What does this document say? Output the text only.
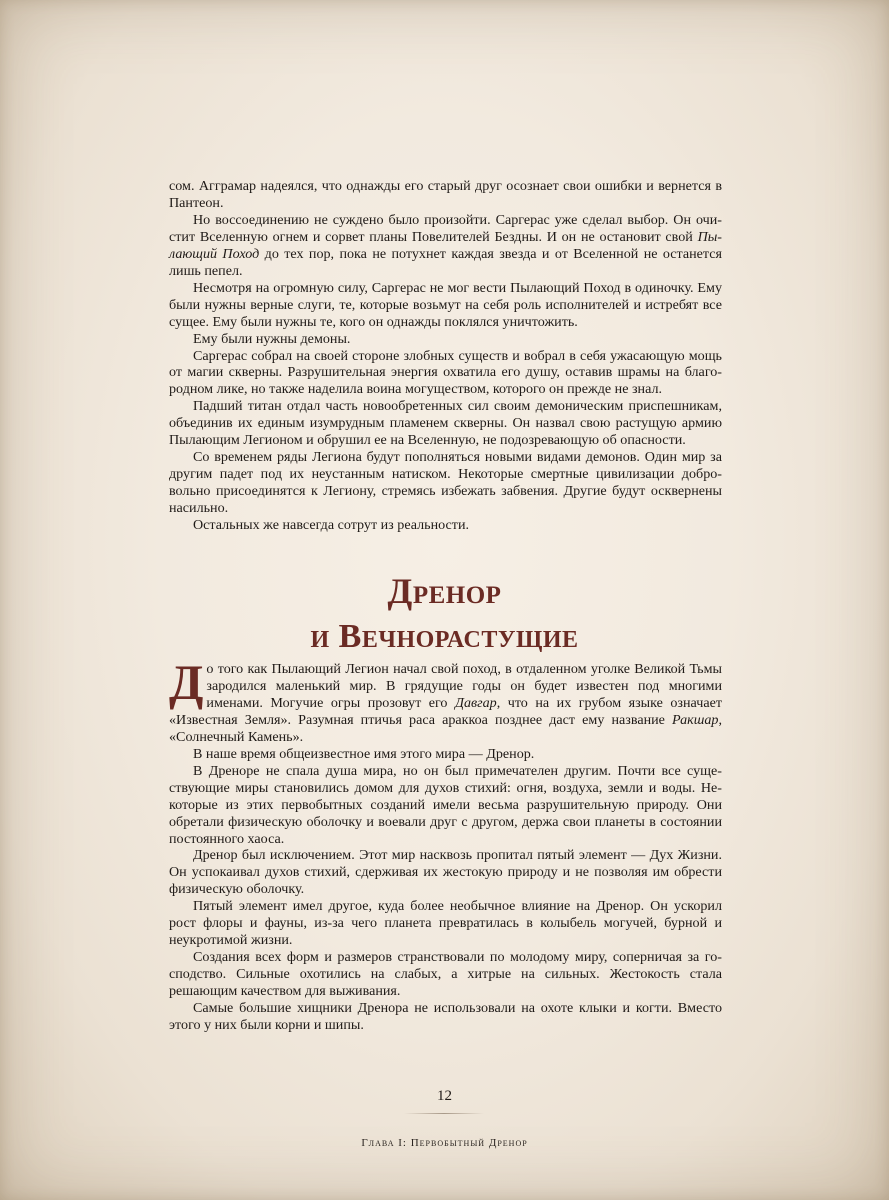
сом. Агграмар надеялся, что однажды его старый друг осознает свои ошибки и вернется в Пантеон.

Но воссоединению не суждено было произойти. Саргерас уже сделал выбор. Он очистит Вселенную огнем и сорвет планы Повелителей Бездны. И он не остановит свой Пылающий Поход до тех пор, пока не потухнет каждая звезда и от Вселенной не останется лишь пепел.

Несмотря на огромную силу, Саргерас не мог вести Пылающий Поход в одиночку. Ему были нужны верные слуги, те, которые возьмут на себя роль исполнителей и истребят все сущее. Ему были нужны те, кого он однажды поклялся уничтожить.

Ему были нужны демоны.

Саргерас собрал на своей стороне злобных существ и вобрал в себя ужасающую мощь от магии скверны. Разрушительная энергия охватила его душу, оставив шрамы на благородном лике, но также наделила воина могуществом, которого он прежде не знал.

Падший титан отдал часть новообретенных сил своим демоническим приспешникам, объединив их единым изумрудным пламенем скверны. Он назвал свою растущую армию Пылающим Легионом и обрушил ее на Вселенную, не подозревающую об опасности.

Со временем ряды Легиона будут пополняться новыми видами демонов. Один мир за другим падет под их неустанным натиском. Некоторые смертные цивилизации добровольно присоединятся к Легиону, стремясь избежать забвения. Другие будут осквернены насильно.

Остальных же навсегда сотрут из реальности.

Дренор
и Вечнорастущие

До того как Пылающий Легион начал свой поход, в отдаленном уголке Великой Тьмы зародился маленький мир. В грядущие годы он будет известен под многими именами. Могучие огры прозовут его Давгар, что на их грубом языке означает «Известная Земля». Разумная птичья раса араккоа позднее даст ему название Ракшар, «Солнечный Камень».

В наше время общеизвестное имя этого мира — Дренор.

В Дреноре не спала душа мира, но он был примечателен другим. Почти все существующие миры становились домом для духов стихий: огня, воздуха, земли и воды. Некоторые из этих первобытных созданий имели весьма разрушительную природу. Они обретали физическую оболочку и воевали друг с другом, держа свои планеты в состоянии постоянного хаоса.

Дренор был исключением. Этот мир насквозь пропитал пятый элемент — Дух Жизни. Он успокаивал духов стихий, сдерживая их жестокую природу и не позволяя им обрести физическую оболочку.

Пятый элемент имел другое, куда более необычное влияние на Дренор. Он ускорил рост флоры и фауны, из-за чего планета превратилась в колыбель могучей, бурной и неукротимой жизни.

Создания всех форм и размеров странствовали по молодому миру, соперничая за господство. Сильные охотились на слабых, а хитрые на сильных. Жестокость стала решающим качеством для выживания.

Самые большие хищники Дренора не использовали на охоте клыки и когти. Вместо этого у них были корни и шипы.

12
Глава I: Первобытный Дренор
